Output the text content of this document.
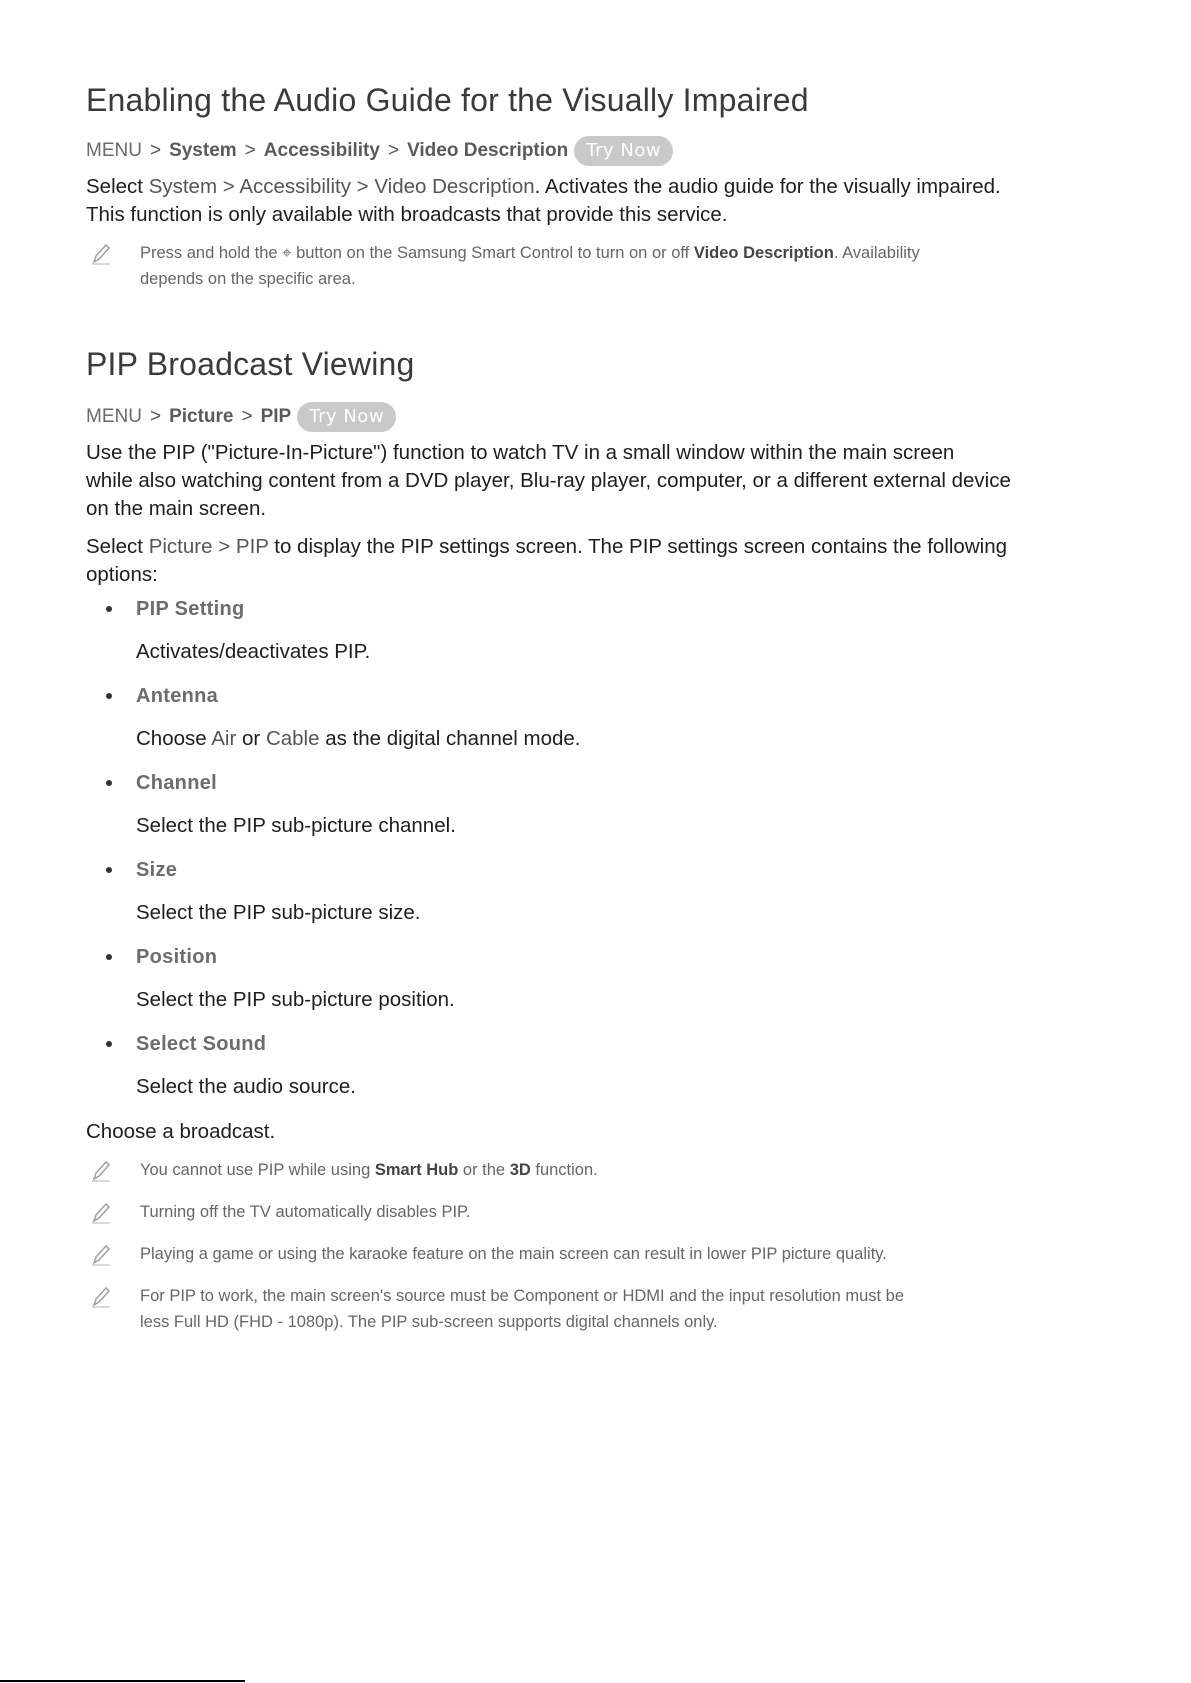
Enabling the Audio Guide for the Visually Impaired
MENU > System > Accessibility > Video Description	Try Now

Select System > Accessibility > Video Description. Activates the audio guide for the visually impaired.

This function is only available with broadcasts that provide this service.

Press and hold the ⌖ button on the Samsung Smart Control to turn on or off Video Description. Availability
depends on the specific area.
PIP Broadcast Viewing
MENU > Picture > PIP	Try Now

Use the PIP ("Picture-In-Picture") function to watch TV in a small window within the main screen

while also watching content from a DVD player, Blu-ray player, computer, or a different external device

on the main screen.

Select Picture > PIP to display the PIP settings screen. The PIP settings screen contains the following

options:

PIP Setting
Activates/deactivates PIP.
Antenna
Choose Air or Cable as the digital channel mode.
Channel
Select the PIP sub-picture channel.
Size
Select the PIP sub-picture size.
Position
Select the PIP sub-picture position.
Select Sound
Select the audio source.

Choose a broadcast.

You cannot use PIP while using Smart Hub or the 3D function.
Turning off the TV automatically disables PIP.
Playing a game or using the karaoke feature on the main screen can result in lower PIP picture quality.
For PIP to work, the main screen's source must be Component or HDMI and the input resolution must be
less Full HD (FHD - 1080p). The PIP sub-screen supports digital channels only.
